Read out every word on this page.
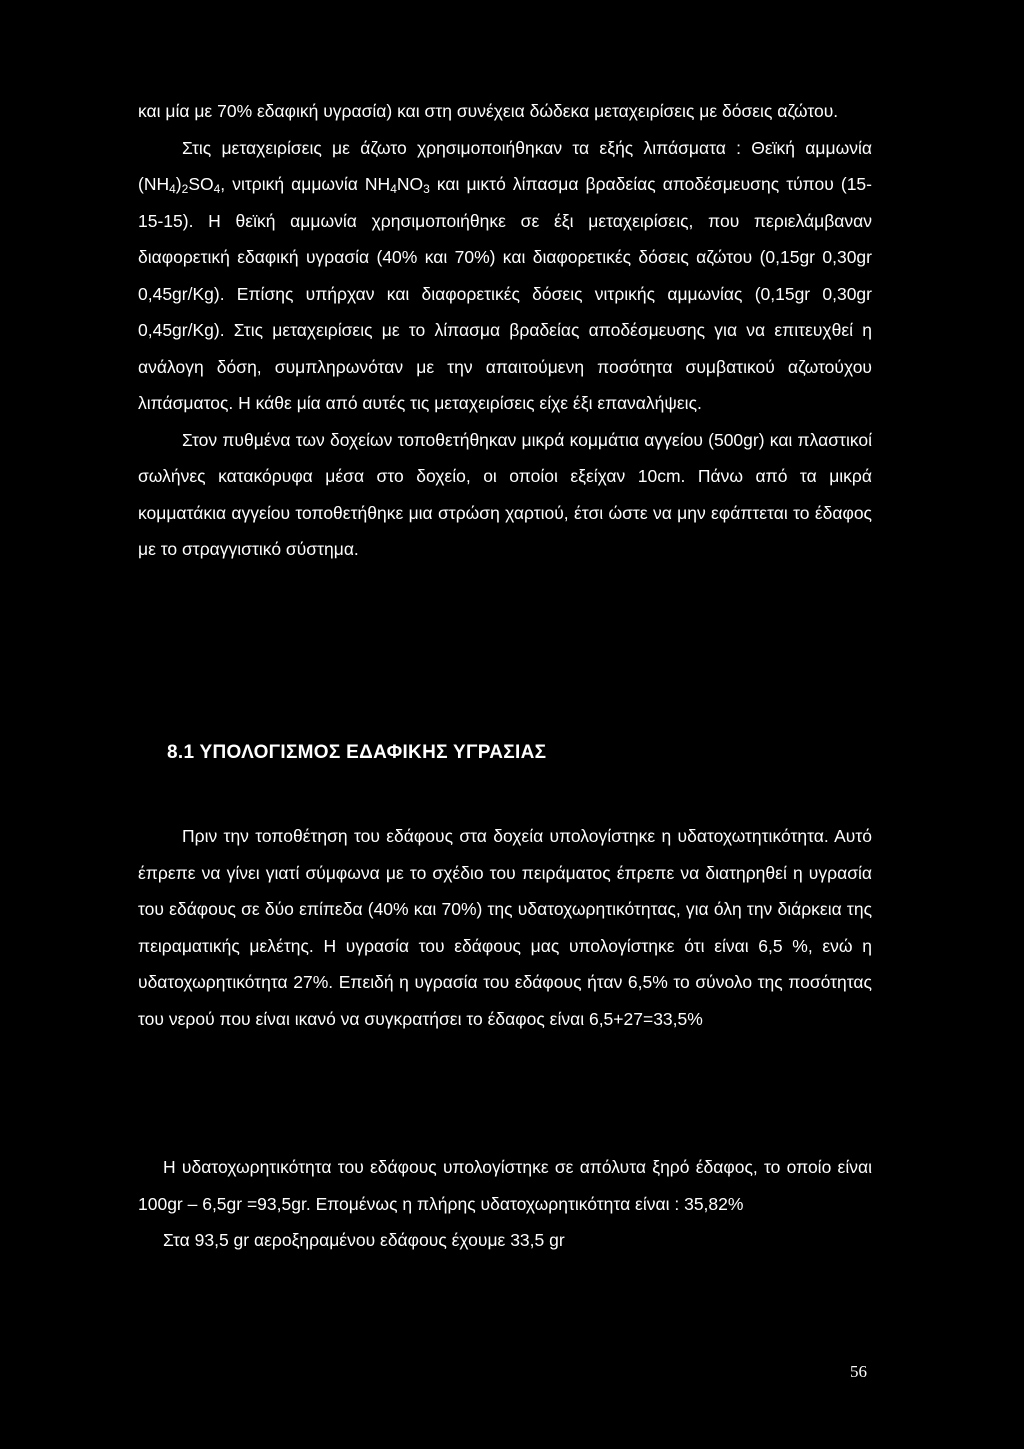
και μία με 70% εδαφική υγρασία) και στη συνέχεια δώδεκα μεταχειρίσεις με δόσεις αζώτου.

Στις μεταχειρίσεις με άζωτο χρησιμοποιήθηκαν τα εξής λιπάσματα : Θεϊκή αμμωνία $(NH_4)_2SO_4$, νιτρική αμμωνία $NH_4NO_3$ και μικτό λίπασμα βραδείας αποδέσμευσης τύπου (15-15-15). Η θεϊκή αμμωνία χρησιμοποιήθηκε σε έξι μεταχειρίσεις, που περιελάμβαναν διαφορετική εδαφική υγρασία (40% και 70%) και διαφορετικές δόσεις αζώτου (0,15gr 0,30gr 0,45gr/Kg). Επίσης υπήρχαν και διαφορετικές δόσεις νιτρικής αμμωνίας (0,15gr 0,30gr 0,45gr/Kg). Στις μεταχειρίσεις με το λίπασμα βραδείας αποδέσμευσης για να επιτευχθεί η ανάλογη δόση, συμπληρωνόταν με την απαιτούμενη ποσότητα συμβατικού αζωτούχου λιπάσματος. Η κάθε μία από αυτές τις μεταχειρίσεις είχε έξι επαναλήψεις.

Στον πυθμένα των δοχείων τοποθετήθηκαν μικρά κομμάτια αγγείου (500gr) και πλαστικοί σωλήνες κατακόρυφα μέσα στο δοχείο, οι οποίοι εξείχαν 10cm. Πάνω από τα μικρά κομματάκια αγγείου τοποθετήθηκε μια στρώση χαρτιού, έτσι ώστε να μην εφάπτεται το έδαφος με το στραγγιστικό σύστημα.

8.1 ΥΠΟΛΟΓΙΣΜΟΣ ΕΔΑΦΙΚΗΣ ΥΓΡΑΣΙΑΣ

Πριν την τοποθέτηση του εδάφους στα δοχεία υπολογίστηκε η υδατοχωτητικότητα. Αυτό έπρεπε να γίνει γιατί σύμφωνα με το σχέδιο του πειράματος έπρεπε να διατηρηθεί η υγρασία του εδάφους σε δύο επίπεδα (40% και 70%) της υδατοχωρητικότητας, για όλη την διάρκεια της πειραματικής μελέτης. Η υγρασία του εδάφους μας υπολογίστηκε ότι είναι 6,5 %, ενώ η υδατοχωρητικότητα 27%. Επειδή η υγρασία του εδάφους ήταν 6,5% το σύνολο της ποσότητας του νερού που είναι ικανό να συγκρατήσει το έδαφος είναι 6,5+27=33,5%

Η υδατοχωρητικότητα του εδάφους υπολογίστηκε σε απόλυτα ξηρό έδαφος, το οποίο είναι 100gr – 6,5gr =93,5gr. Επομένως η πλήρης υδατοχωρητικότητα είναι : 35,82%

Στα 93,5 gr αεροξηραμένου εδάφους έχουμε 33,5 gr

56
